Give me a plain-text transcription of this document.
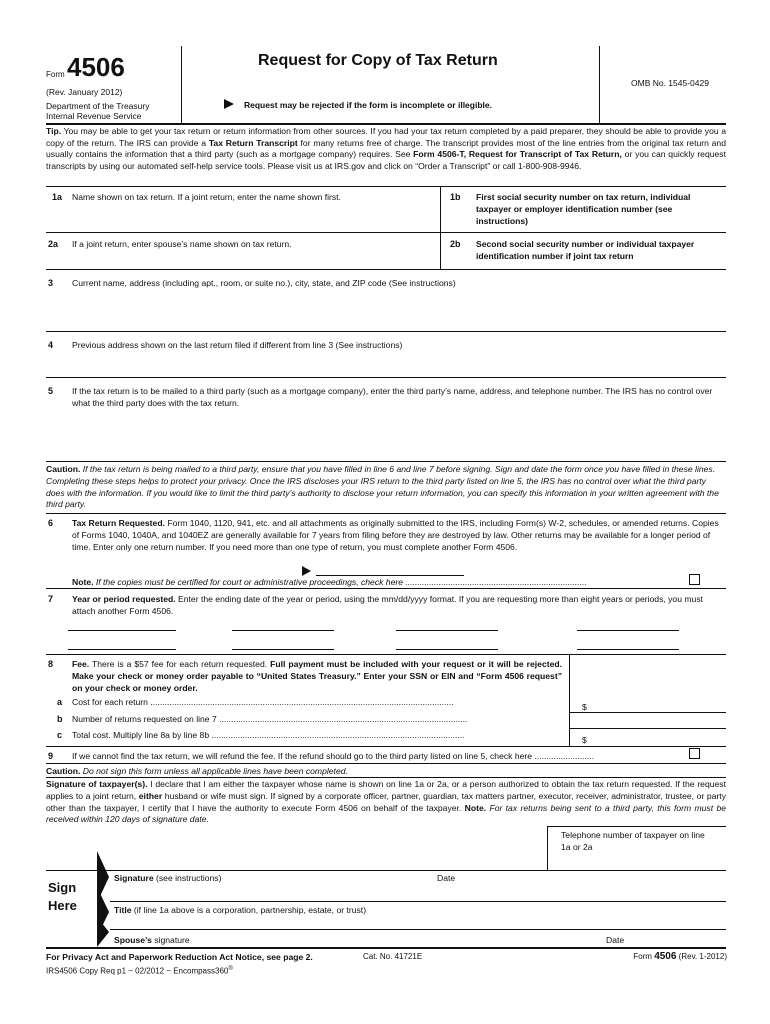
Form 4506
(Rev. January 2012)
Department of the Treasury
Internal Revenue Service
Request for Copy of Tax Return
Request may be rejected if the form is incomplete or illegible.
OMB No. 1545-0429
Tip. You may be able to get your tax return or return information from other sources. If you had your tax return completed by a paid preparer, they should be able to provide you a copy of the return. The IRS can provide a Tax Return Transcript for many returns free of charge. The transcript provides most of the line entries from the original tax return and usually contains the information that a third party (such as a mortgage company) requires. See Form 4506-T, Request for Transcript of Tax Return, or you can quickly request transcripts by using our automated self-help service tools. Please visit us at IRS.gov and click on “Order a Transcript” or call 1-800-908-9946.
1a Name shown on tax return. If a joint return, enter the name shown first.	1b First social security number on tax return, individual taxpayer or employer identification number (see instructions)
2a If a joint return, enter spouse’s name shown on tax return.	2b Second social security number or individual taxpayer identification number if joint tax return
3 Current name, address (including apt., room, or suite no.), city, state, and ZIP code (See instructions)
4 Previous address shown on the last return filed if different from line 3 (See instructions)
5 If the tax return is to be mailed to a third party (such as a mortgage company), enter the third party’s name, address, and telephone number. The IRS has no control over what the third party does with the tax return.
Caution. If the tax return is being mailed to a third party, ensure that you have filled in line 6 and line 7 before signing. Sign and date the form once you have filled in these lines. Completing these steps helps to protect your privacy. Once the IRS discloses your IRS return to the third party listed on line 5, the IRS has no control over what the third party does with the information. If you would like to limit the third party’s authority to disclose your return information, you can specify this information in your written agreement with the third party.
6 Tax Return Requested. Form 1040, 1120, 941, etc. and all attachments as originally submitted to the IRS, including Form(s) W-2, schedules, or amended returns. Copies of Forms 1040, 1040A, and 1040EZ are generally available for 7 years from filing before they are destroyed by law. Other returns may be available for a longer period of time. Enter only one return number. If you need more than one type of return, you must complete another Form 4506.
Note. If the copies must be certified for court or administrative proceedings, check here ............................................................................
7 Year or period requested. Enter the ending date of the year or period, using the mm/dd/yyyy format. If you are requesting more than eight years or periods, you must attach another Form 4506.
8 Fee. There is a $57 fee for each return requested. Full payment must be included with your request or it will be rejected. Make your check or money order payable to “United States Treasury.” Enter your SSN or EIN and “Form 4506 request” on your check or money order.
a Cost for each return ...............................................................................................................................	$
b Number of returns requested on line 7 ........................................................................................................
c Total cost. Multiply line 8a by line 8b ..........................................................................................................	$
9 If we cannot find the tax return, we will refund the fee. If the refund should go to the third party listed on line 5, check here .........................
Caution. Do not sign this form unless all applicable lines have been completed.
Signature of taxpayer(s). I declare that I am either the taxpayer whose name is shown on line 1a or 2a, or a person authorized to obtain the tax return requested. If the request applies to a joint return, either husband or wife must sign. If signed by a corporate officer, partner, guardian, tax matters partner, executor, receiver, administrator, trustee, or party other than the taxpayer, I certify that I have the authority to execute Form 4506 on behalf of the taxpayer. Note. For tax returns being sent to a third party, this form must be received within 120 days of signature date.
Telephone number of taxpayer on line 1a or 2a
Sign
Here
Signature (see instructions)	Date
Title (if line 1a above is a corporation, partnership, estate, or trust)
Spouse’s signature	Date
For Privacy Act and Paperwork Reduction Act Notice, see page 2.	Cat. No. 41721E	Form 4506 (Rev. 1-2012)
IRS4506 Copy Req p1 ~ 02/2012 ~ Encompass360®
